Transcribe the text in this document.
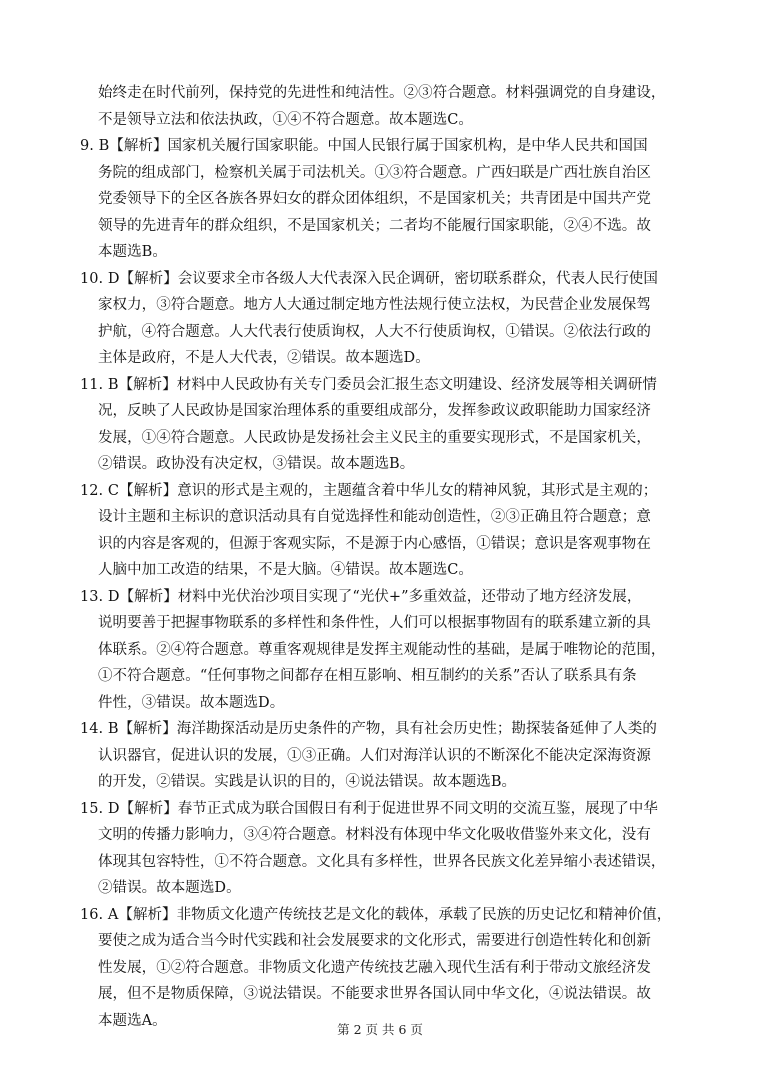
始终走在时代前列，保持党的先进性和纯洁性。②③符合题意。材料强调党的自身建设，
不是领导立法和依法执政，①④不符合题意。故本题选C。
9. B【解析】国家机关履行国家职能。中国人民银行属于国家机构，是中华人民共和国国
务院的组成部门，检察机关属于司法机关。①③符合题意。广西妇联是广西壮族自治区
党委领导下的全区各族各界妇女的群众团体组织，不是国家机关；共青团是中国共产党
领导的先进青年的群众组织，不是国家机关；二者均不能履行国家职能，②④不选。故
本题选B。
10. D【解析】会议要求全市各级人大代表深入民企调研，密切联系群众，代表人民行使国
家权力，③符合题意。地方人大通过制定地方性法规行使立法权，为民营企业发展保驾
护航，④符合题意。人大代表行使质询权，人大不行使质询权，①错误。②依法行政的
主体是政府，不是人大代表，②错误。故本题选D。
11. B【解析】材料中人民政协有关专门委员会汇报生态文明建设、经济发展等相关调研情
况，反映了人民政协是国家治理体系的重要组成部分，发挥参政议政职能助力国家经济
发展，①④符合题意。人民政协是发扬社会主义民主的重要实现形式，不是国家机关，
②错误。政协没有决定权，③错误。故本题选B。
12. C【解析】意识的形式是主观的，主题蕴含着中华儿女的精神风貌，其形式是主观的；
设计主题和主标识的意识活动具有自觉选择性和能动创造性，②③正确且符合题意；意
识的内容是客观的，但源于客观实际，不是源于内心感悟，①错误；意识是客观事物在
人脑中加工改造的结果，不是大脑。④错误。故本题选C。
13. D【解析】材料中光伏治沙项目实现了“光伏+”多重效益，还带动了地方经济发展，
说明要善于把握事物联系的多样性和条件性，人们可以根据事物固有的联系建立新的具
体联系。②④符合题意。尊重客观规律是发挥主观能动性的基础，是属于唯物论的范围，
①不符合题意。“任何事物之间都存在相互影响、相互制约的关系”否认了联系具有条
件性，③错误。故本题选D。
14. B【解析】海洋勘探活动是历史条件的产物，具有社会历史性；勘探装备延伸了人类的
认识器官，促进认识的发展，①③正确。人们对海洋认识的不断深化不能决定深海资源
的开发，②错误。实践是认识的目的，④说法错误。故本题选B。
15. D【解析】春节正式成为联合国假日有利于促进世界不同文明的交流互鉴，展现了中华
文明的传播力影响力，③④符合题意。材料没有体现中华文化吸收借鉴外来文化，没有
体现其包容特性，①不符合题意。文化具有多样性，世界各民族文化差异缩小表述错误，
②错误。故本题选D。
16. A【解析】非物质文化遗产传统技艺是文化的载体，承载了民族的历史记忆和精神价值，
要使之成为适合当今时代实践和社会发展要求的文化形式，需要进行创造性转化和创新
性发展，①②符合题意。非物质文化遗产传统技艺融入现代生活有利于带动文旅经济发
展，但不是物质保障，③说法错误。不能要求世界各国认同中华文化，④说法错误。故
本题选A。
第 2 页 共 6 页
